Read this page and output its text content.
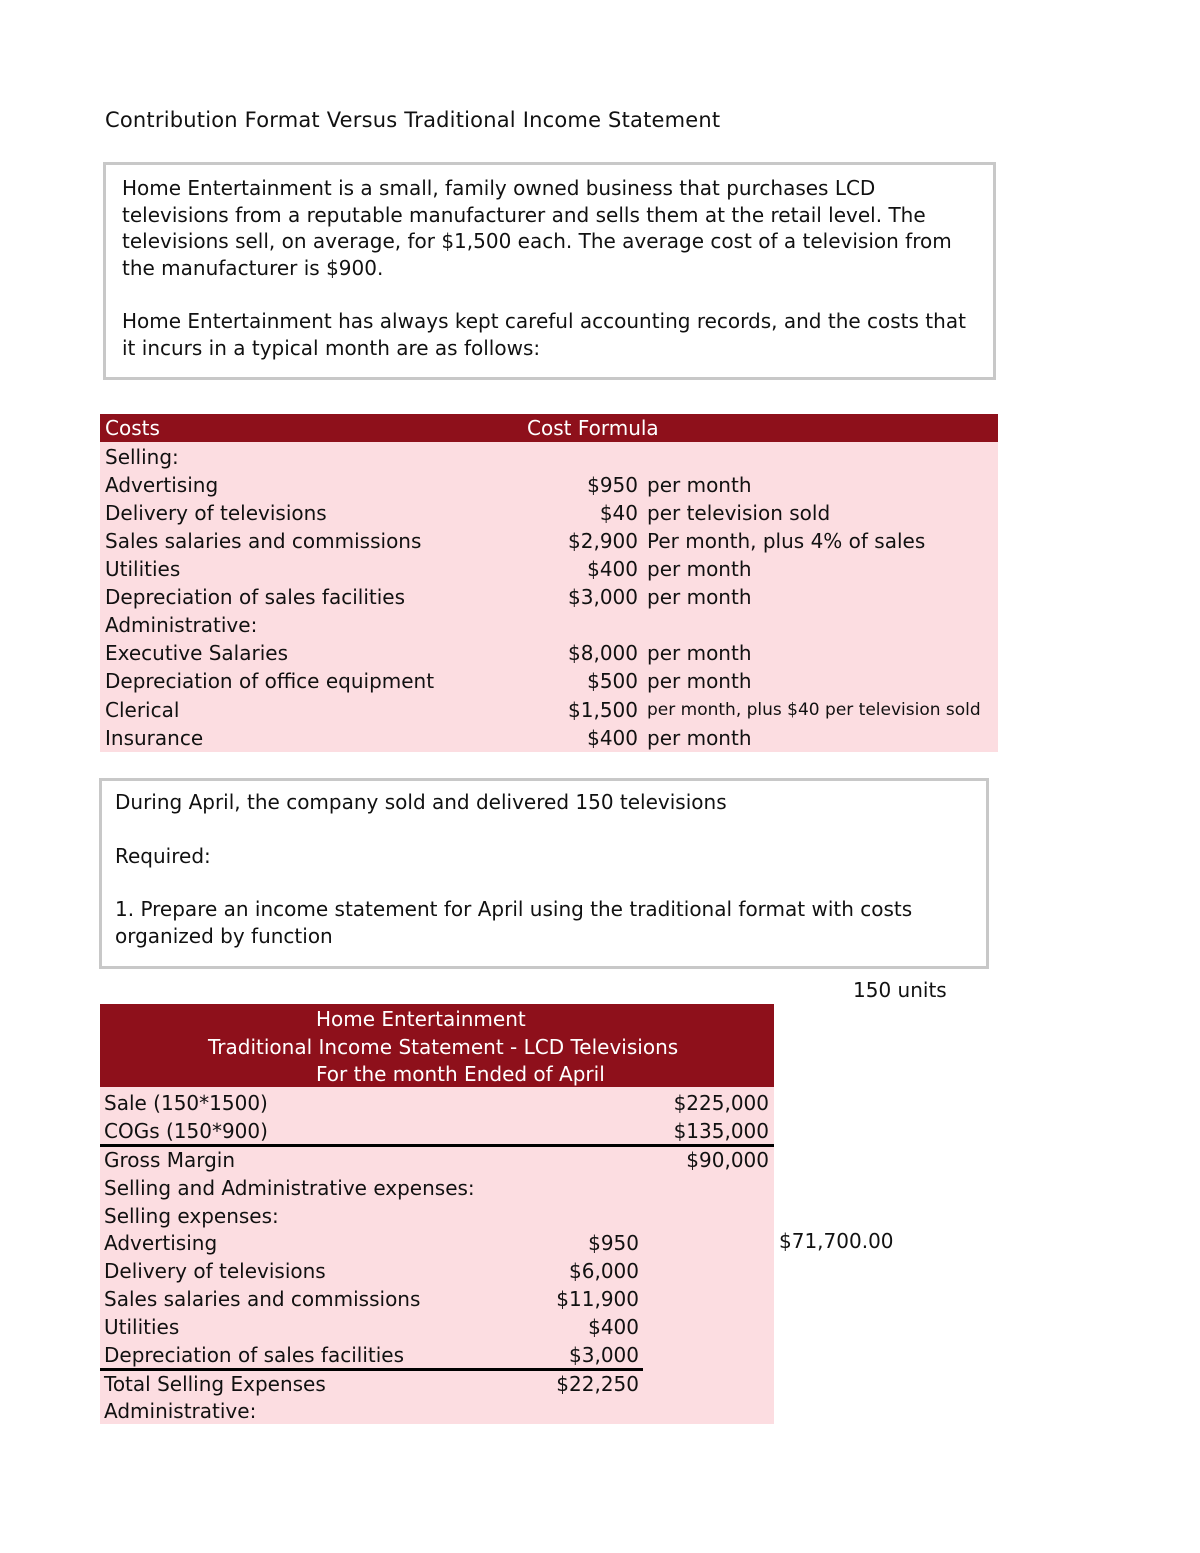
Contribution Format Versus Traditional Income Statement

Home Entertainment is a small, family owned business that purchases LCD televisions from a reputable manufacturer and sells them at the retail level. The televisions sell, on average, for $1,500 each. The average cost of a television from the manufacturer is $900.

Home Entertainment has always kept careful accounting records, and the costs that it incurs in a typical month are as follows:

Costs	Cost Formula
Selling:
Advertising	$950 per month
Delivery of televisions	$40 per television sold
Sales salaries and commissions	$2,900 Per month, plus 4% of sales
Utilities	$400 per month
Depreciation of sales facilities	$3,000 per month
Administrative:
Executive Salaries	$8,000 per month
Depreciation of office equipment	$500 per month
Clerical	$1,500 per month, plus $40 per television sold
Insurance	$400 per month

During April, the company sold and delivered 150 televisions

Required:

1. Prepare an income statement for April using the traditional format with costs organized by function

150 units
Home Entertainment
Traditional Income Statement - LCD Televisions
For the month Ended of April
Sale (150*1500)	$225,000
COGs (150*900)	$135,000
Gross Margin	$90,000
Selling and Administrative expenses:
Selling expenses:
Advertising	$950
Delivery of televisions	$6,000
Sales salaries and commissions	$11,900
Utilities	$400
Depreciation of sales facilities	$3,000
Total Selling Expenses	$22,250
Administrative:
$71,700.00
